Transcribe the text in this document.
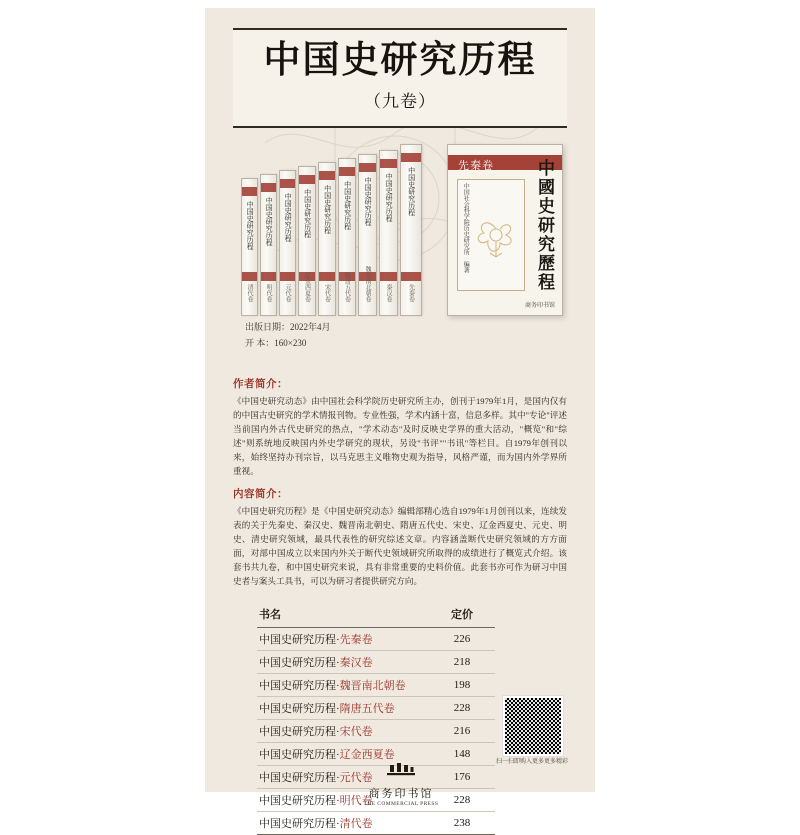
中国史研究历程
（九卷）
中国史研究历程
清代卷
中国史研究历程
明代卷
中国史研究历程
元代卷
中国史研究历程
辽金西夏卷
中国史研究历程
宋代卷
中国史研究历程
隋唐五代卷
中国史研究历程
魏晋南北朝卷
中国史研究历程
秦汉卷
中国史研究历程
先秦卷
先秦卷 中國史研究歷程
中国社会科学院历史研究所　编著
商务印书馆
出版日期：2022年4月
开 本：160×230
作者简介：
《中国史研究动态》由中国社会科学院历史研究所主办，创刊于1979年1月，是国内仅有的中国古史研究的学术情报刊物。专业性强，学术内涵十富，信息多样。其中"专论"评述当前国内外古代史研究的热点，"学术动态"及时反映史学界的重大活动，"概览"和"综述"则系统地反映国内外史学研究的现状，另设"书评""书讯"等栏目。自1979年创刊以来，始终坚持办刊宗旨，以马克思主义唯物史观为指导，风格严谨，而为国内外学界所重视。
内容简介：
《中国史研究历程》是《中国史研究动态》编辑部精心选自1979年1月创刊以来，连续发表的关于先秦史、秦汉史、魏晋南北朝史、隋唐五代史、宋史、辽金西夏史、元史、明史、清史研究领域，最具代表性的研究综述文章。内容涵盖断代史研究领域的方方面面，对部中国成立以来国内外关于断代史领域研究所取得的成绩进行了概览式介绍。该套书共九卷，和中国史研究来说，具有非常重要的史料价值。此套书亦可作为研习中国史者与案头工具书，可以为研习者提供研究方向。
书名	定价
中国史研究历程·先秦卷	226
中国史研究历程·秦汉卷	218
中国史研究历程·魏晋南北朝卷	198
中国史研究历程·隋唐五代卷	228
中国史研究历程·宋代卷	216
中国史研究历程·辽金西夏卷	148
中国史研究历程·元代卷	176
中国史研究历程·明代卷	228
中国史研究历程·清代卷	238
扫一扫即购入更多更多精彩
商务印书馆
THE COMMERCIAL PRESS
